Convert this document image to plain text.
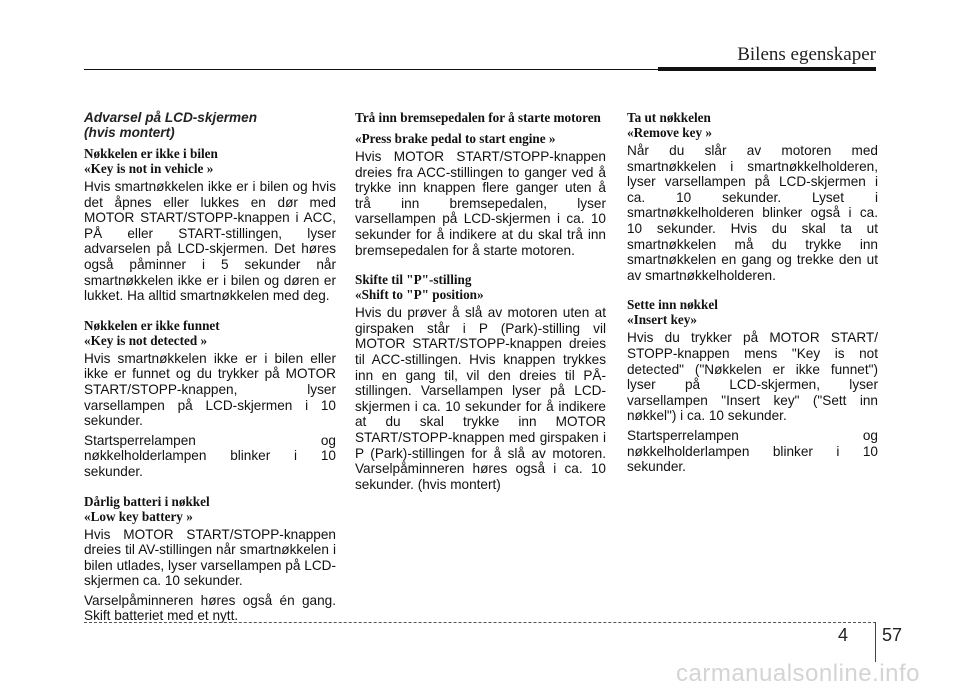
Bilens egenskaper
Advarsel på LCD-skjermen
(hvis montert)
Nøkkelen er ikke i bilen
«Key is not in vehicle »

Hvis smartnøkkelen ikke er i bilen og hvis det åpnes eller lukkes en dør med MOTOR START/STOPP-knappen i ACC, PÅ eller START-stillingen, lyser advarselen på LCD-skjermen. Det høres også påminner i 5 sekunder når smartnøkkelen ikke er i bilen og døren er lukket. Ha alltid smartnøkkelen med deg.

Nøkkelen er ikke funnet
«Key is not detected »

Hvis smartnøkkelen ikke er i bilen eller ikke er funnet og du trykker på MOTOR START/STOPP-knappen, lyser varsellampen på LCD-skjermen i 10 sekunder.

Startsperrelampen og nøkkelholderlampen blinker i 10 sekunder.

Dårlig batteri i nøkkel
«Low key battery »

Hvis MOTOR START/STOPP-knappen dreies til AV-stillingen når smartnøkkelen i bilen utlades, lyser varsellampen på LCD-skjermen ca. 10 sekunder.

Varselpåminneren høres også én gang. Skift batteriet med et nytt.

Trå inn bremsepedalen for å starte motoren
«Press brake pedal to start engine »

Hvis MOTOR START/STOPP-knappen dreies fra ACC-stillingen to ganger ved å trykke inn knappen flere ganger uten å trå inn bremsepedalen, lyser varsellampen på LCD-skjermen i ca. 10 sekunder for å indikere at du skal trå inn bremsepedalen for å starte motoren.

Skifte til "P"-stilling
«Shift to "P" position»

Hvis du prøver å slå av motoren uten at girspaken står i P (Park)-stilling vil MOTOR START/STOPP-knappen dreies til ACC-stillingen. Hvis knappen trykkes inn en gang til, vil den dreies til PÅ-stillingen. Varsellampen lyser på LCD-skjermen i ca. 10 sekunder for å indikere at du skal trykke inn MOTOR START/STOPP-knappen med girspaken i P (Park)-stillingen for å slå av motoren. Varselpåminneren høres også i ca. 10 sekunder. (hvis montert)

Ta ut nøkkelen
«Remove key »

Når du slår av motoren med smartnøkkelen i smartnøkkelholderen, lyser varsellampen på LCD-skjermen i ca. 10 sekunder. Lyset i smartnøkkelholderen blinker også i ca. 10 sekunder. Hvis du skal ta ut smartnøkkelen må du trykke inn smartnøkkelen en gang og trekke den ut av smartnøkkelholderen.

Sette inn nøkkel
«Insert key»

Hvis du trykker på MOTOR START/ STOPP-knappen mens "Key is not detected" ("Nøkkelen er ikke funnet") lyser på LCD-skjermen, lyser varsellampen "Insert key" ("Sett inn nøkkel") i ca. 10 sekunder.

Startsperrelampen og nøkkelholderlampen blinker i 10 sekunder.

4 57
carmanualsonline.info
